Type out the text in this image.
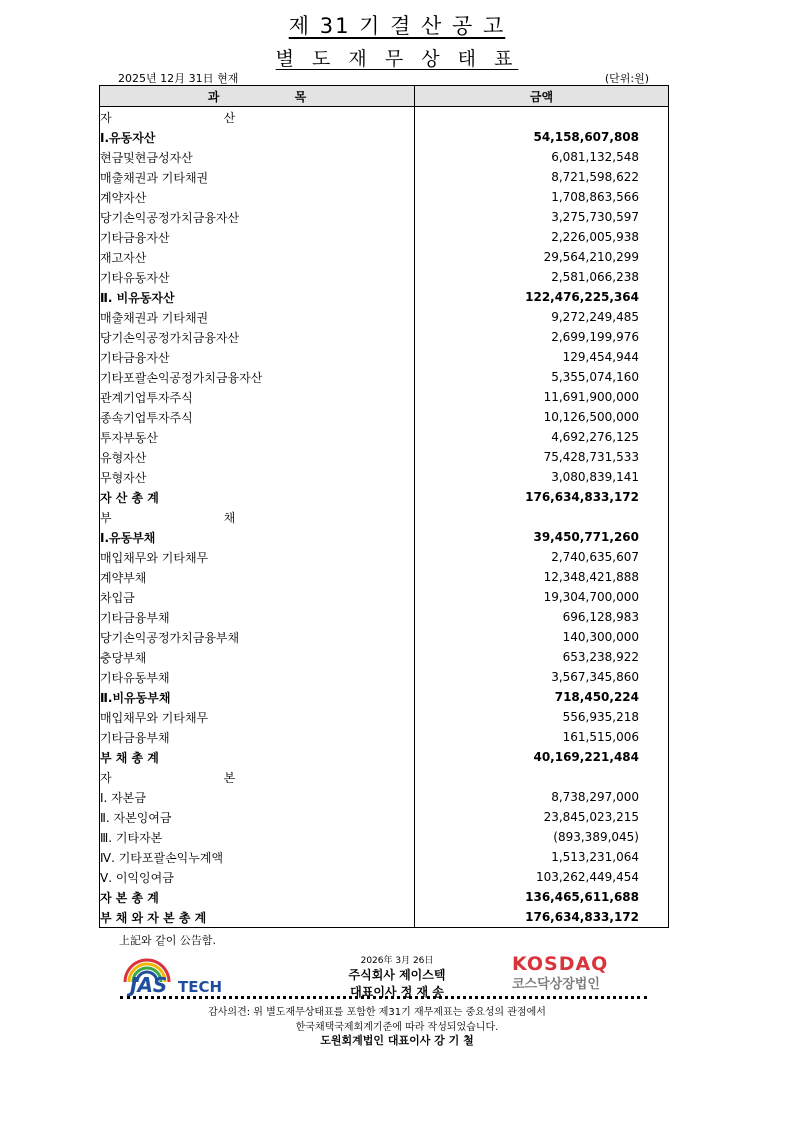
제 31 기 결 산 공 고
별 도 재 무 상 태 표
2025년 12月 31日 현재	(단위:원)
과                  목	금액
자 산	
Ⅰ.유동자산	54,158,607,808
현금및현금성자산	6,081,132,548
매출채권과 기타채권	8,721,598,622
계약자산	1,708,863,566
당기손익공정가치금융자산	3,275,730,597
기타금융자산	2,226,005,938
재고자산	29,564,210,299
기타유동자산	2,581,066,238
Ⅱ. 비유동자산	122,476,225,364
매출채권과 기타채권	9,272,249,485
당기손익공정가치금융자산	2,699,199,976
기타금융자산	129,454,944
기타포괄손익공정가치금융자산	5,355,074,160
관계기업투자주식	11,691,900,000
종속기업투자주식	10,126,500,000
투자부동산	4,692,276,125
유형자산	75,428,731,533
무형자산	3,080,839,141
자 산 총 계	176,634,833,172
부 채	
Ⅰ.유동부채	39,450,771,260
매입채무와 기타채무	2,740,635,607
계약부채	12,348,421,888
차입금	19,304,700,000
기타금융부채	696,128,983
당기손익공정가치금융부채	140,300,000
충당부채	653,238,922
기타유동부채	3,567,345,860
Ⅱ.비유동부채	718,450,224
매입채무와 기타채무	556,935,218
기타금융부채	161,515,006
부 채 총 계	40,169,221,484
자 본	
Ⅰ. 자본금	8,738,297,000
Ⅱ. 자본잉여금	23,845,023,215
Ⅲ. 기타자본	(893,389,045)
Ⅳ. 기타포괄손익누계액	1,513,231,064
Ⅴ. 이익잉여금	103,262,449,454
자 본 총 계	136,465,611,688
부 채 와 자 본 총 계	176,634,833,172
上記와 같이 公告함.
JAS TECH
2026年 3月 26日
주식회사 제이스텍
대표이사 정 재 송
KOSDAQ
코스닥상장법인
감사의견: 위 별도재무상태표를 포함한 제31기 재무제표는 중요성의 관점에서
한국채택국제회계기준에 따라 작성되었습니다.
도원회계법인 대표이사 강 기 철
